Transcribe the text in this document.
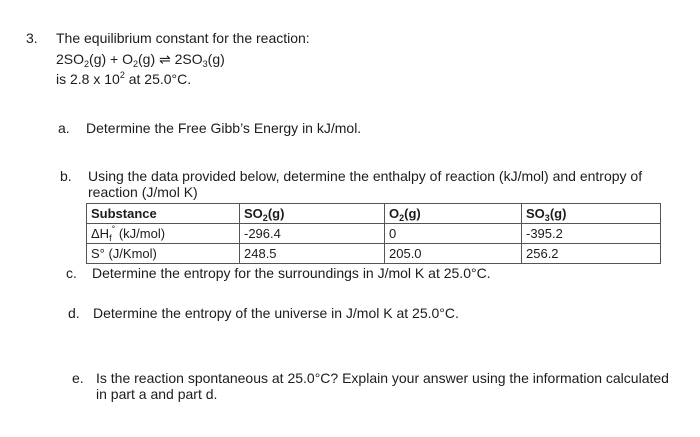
3. The equilibrium constant for the reaction:
$2SO_2(g) + O_2(g)$ ⇌ $2SO_3(g)$
is 2.8 x $10^2$ at 25.0°C.
a. Determine the Free Gibb’s Energy in kJ/mol.
b. Using the data provided below, determine the enthalpy of reaction (kJ/mol) and entropy of
reaction (J/mol K)
Substance	$SO_2(g)$	$O_2(g)$	$SO_3(g)$
$\Delta H_f^\circ$ (kJ/mol)	-296.4	0	-395.2
S° (J/Kmol)	248.5	205.0	256.2
c. Determine the entropy for the surroundings in J/mol K at 25.0°C.
d. Determine the entropy of the universe in J/mol K at 25.0°C.
e. Is the reaction spontaneous at 25.0°C? Explain your answer using the information calculated
in part a and part d.
